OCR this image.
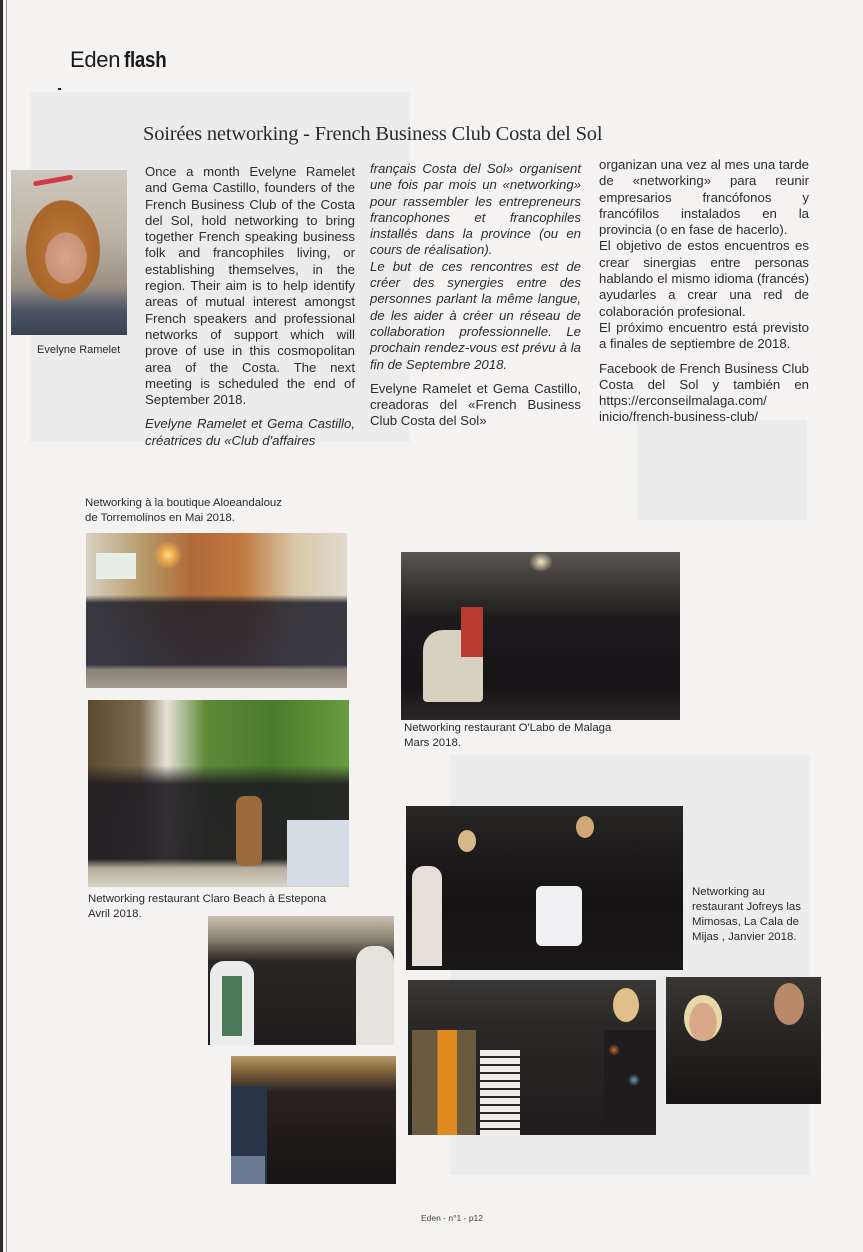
Eden flash
Soirées networking - French Business Club Costa del Sol
Evelyne Ramelet

Once a month Evelyne Ramelet and Gema Castillo, founders of the French Business Club of the Costa del Sol, hold networking to bring together French speaking business folk and francophiles living, or establishing themselves, in the region. Their aim is to help identify areas of mutual interest amongst French speakers and professional networks of support which will prove of use in this cosmopolitan area of the Costa. The next meeting is scheduled the end of September 2018.

Evelyne Ramelet et Gema Castillo, créatrices du «Club d'affaires

français Costa del Sol» organisent une fois par mois un «networking» pour rassembler les entrepreneurs francophones et francophiles installés dans la province (ou en cours de réalisation).

Le but de ces rencontres est de créer des synergies entre des personnes parlant la même langue, de les aider à créer un réseau de collaboration professionnelle. Le prochain rendez-vous est prévu à la fin de Septembre 2018.

Evelyne Ramelet et Gema Castillo, creadoras del «French Business Club Costa del Sol»

organizan una vez al mes una tarde de «networking» para reunir empresarios francófonos y francófilos instalados en la provincia (o en fase de hacerlo).

El objetivo de estos encuentros es crear sinergias entre personas hablando el mismo idioma (francés) ayudarles a crear una red de colaboración profesional.

El próximo encuentro está previsto a finales de septiembre de 2018.

Facebook de French Business Club Costa del Sol y también en https://erconseilmalaga.com/ inicio/french-business-club/

Networking à la boutique Aloeandalouz de Torremolinos en Mai 2018.
Networking restaurant O'Labo de Malaga Mars 2018.
Networking restaurant Claro Beach à Estepona Avril 2018.
Networking au restaurant Jofreys las Mimosas, La Cala de Mijas , Janvier 2018.
Eden - n°1 - p12
